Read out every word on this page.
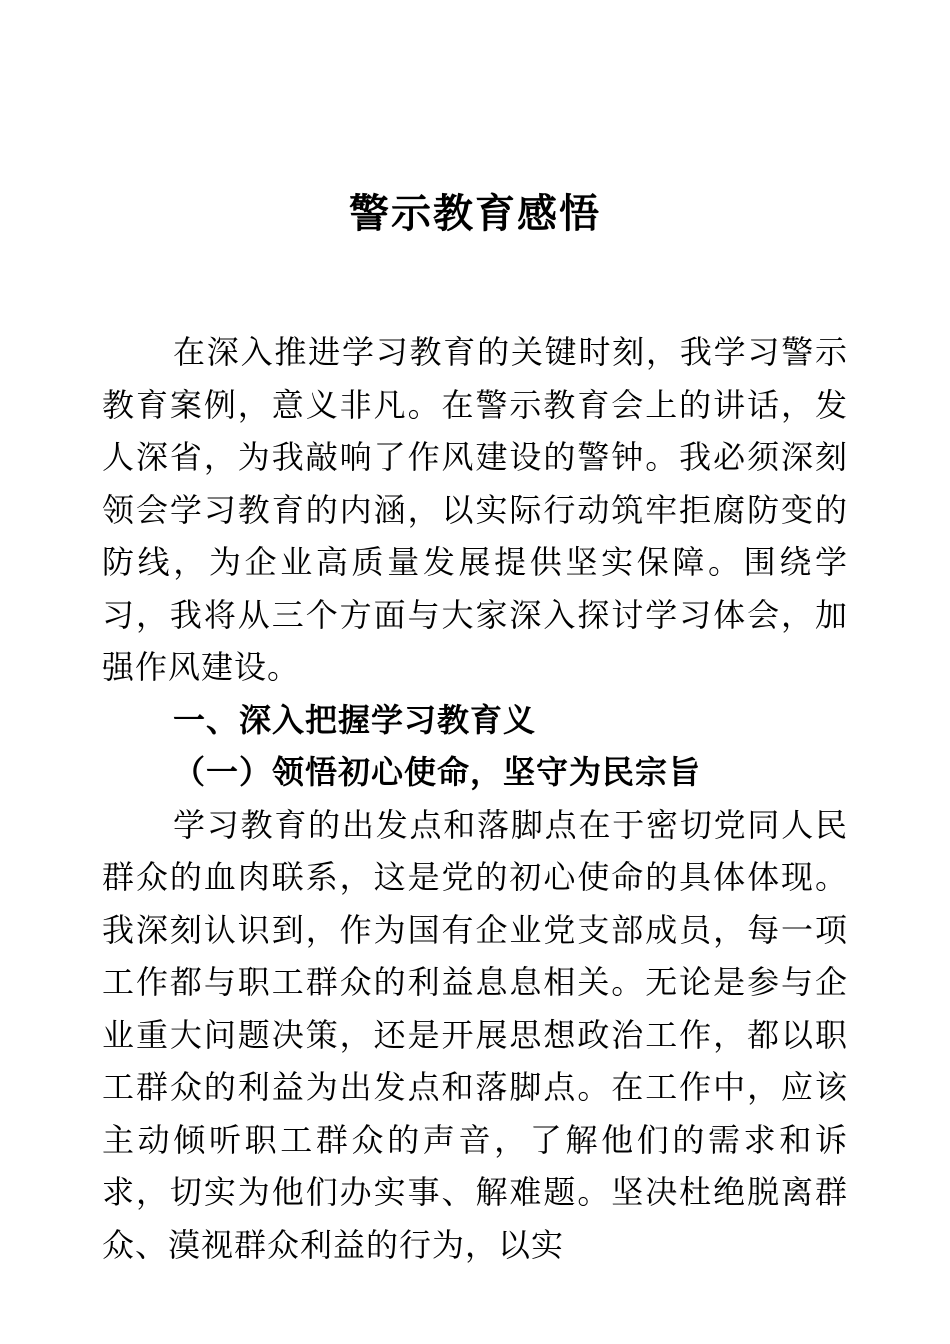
警示教育感悟

在深入推进学习教育的关键时刻，我学习警示教育案例，意义非凡。在警示教育会上的讲话，发人深省，为我敲响了作风建设的警钟。我必须深刻领会学习教育的内涵，以实际行动筑牢拒腐防变的防线，为企业高质量发展提供坚实保障。围绕学习，我将从三个方面与大家深入探讨学习体会，加强作风建设。

一、深入把握学习教育义

（一）领悟初心使命，坚守为民宗旨

学习教育的出发点和落脚点在于密切党同人民群众的血肉联系，这是党的初心使命的具体体现。我深刻认识到，作为国有企业党支部成员，每一项工作都与职工群众的利益息息相关。无论是参与企业重大问题决策，还是开展思想政治工作，都以职工群众的利益为出发点和落脚点。在工作中，应该主动倾听职工群众的声音，了解他们的需求和诉求，切实为他们办实事、解难题。坚决杜绝脱离群众、漠视群众利益的行为，以实
